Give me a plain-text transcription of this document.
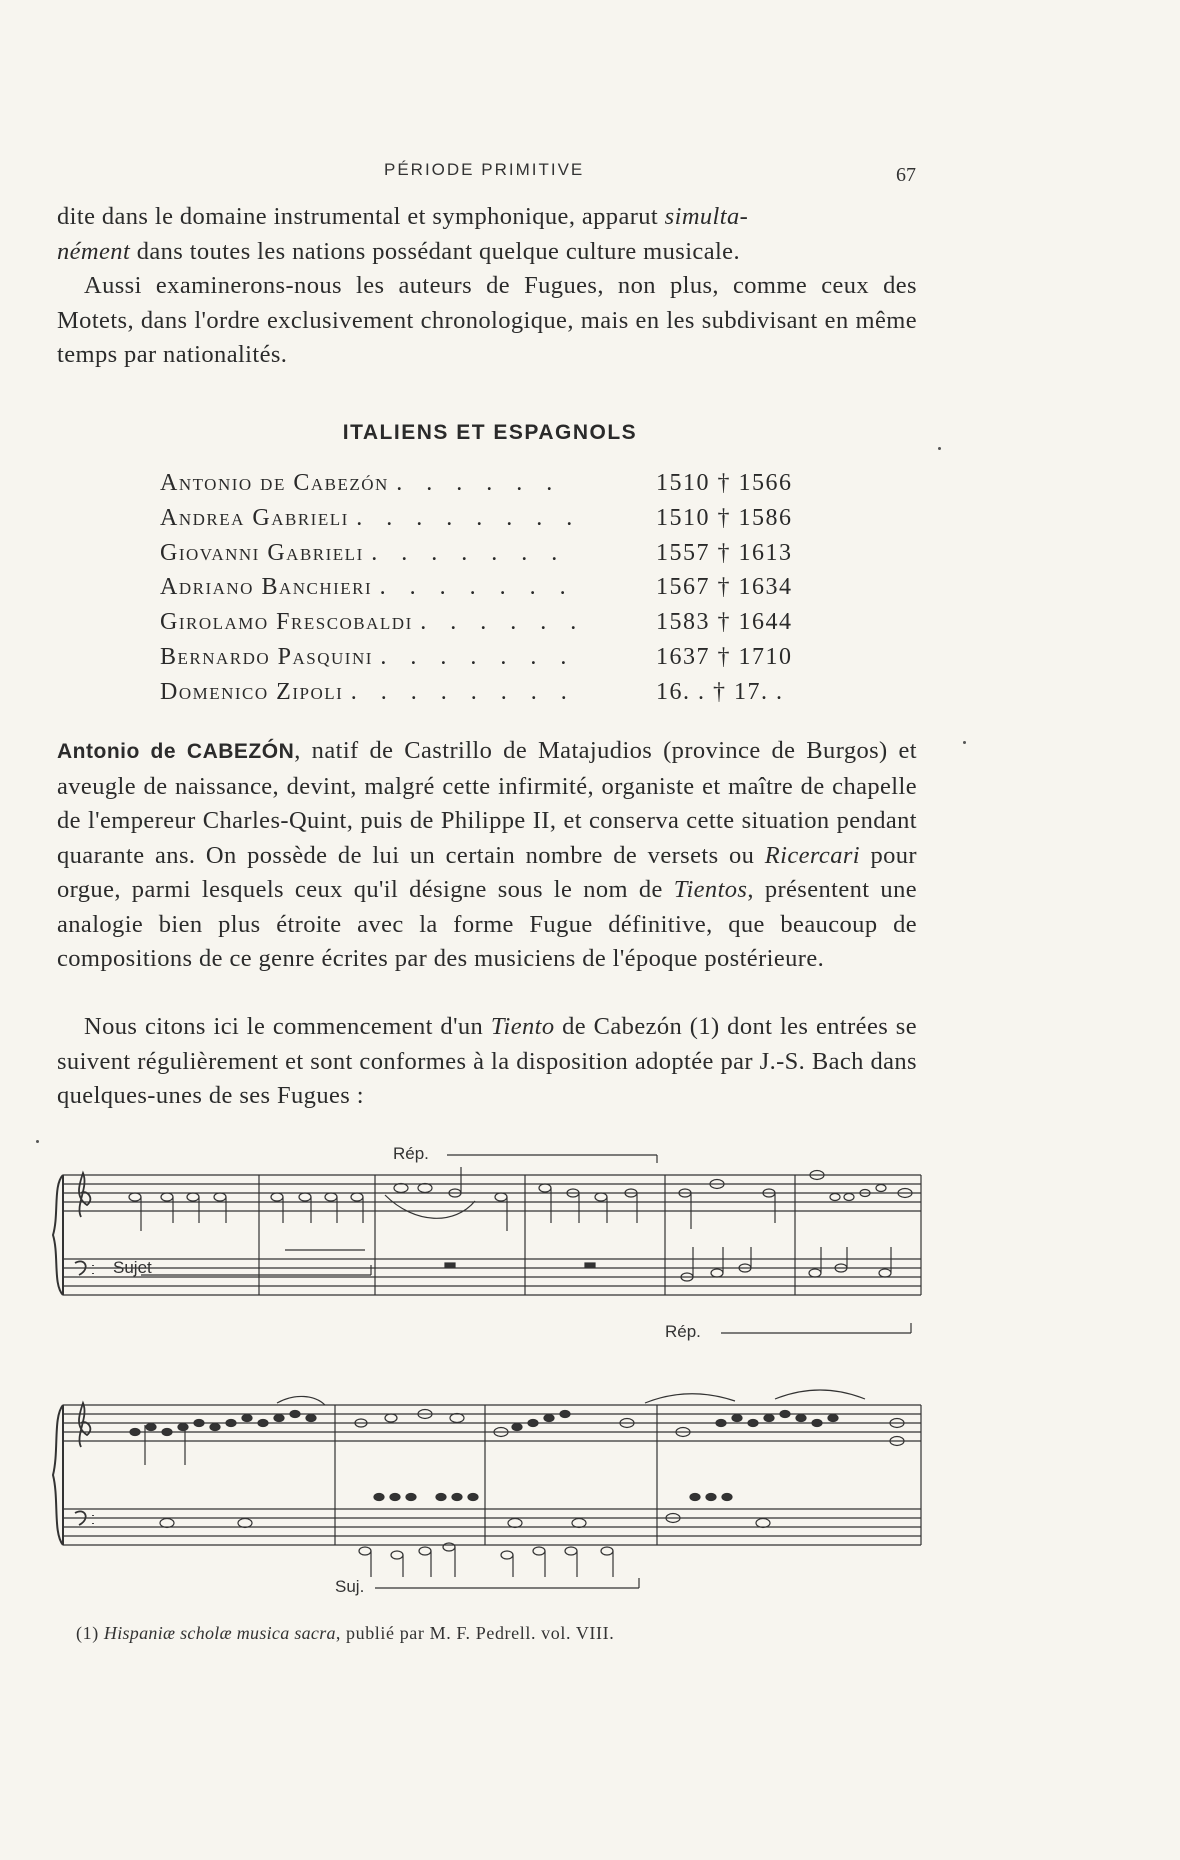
PÉRIODE PRIMITIVE	67

dite dans le domaine instrumental et symphonique, apparut simulta-
nément dans toutes les nations possédant quelque culture musicale.

Aussi examinerons-nous les auteurs de Fugues, non plus, comme ceux des Motets, dans l'ordre exclusivement chronologique, mais en les subdivisant en même temps par nationalités.

ITALIENS ET ESPAGNOLS
Antonio de Cabezón . . . . . .	1510 † 1566
Andrea Gabrieli . . . . . . . .	1510 † 1586
Giovanni Gabrieli . . . . . . .	1557 † 1613
Adriano Banchieri . . . . . . .	1567 † 1634
Girolamo Frescobaldi . . . . . .	1583 † 1644
Bernardo Pasquini . . . . . . .	1637 † 1710
Domenico Zipoli . . . . . . . .	16. . † 17. .

Antonio de CABEZÓN, natif de Castrillo de Matajudios (province de Burgos) et aveugle de naissance, devint, malgré cette infirmité, organiste et maître de chapelle de l'empereur Charles-Quint, puis de Philippe II, et conserva cette situation pendant quarante ans. On possède de lui un certain nombre de versets ou Ricercari pour orgue, parmi lesquels ceux qu'il désigne sous le nom de Tientos, présentent une analogie bien plus étroite avec la forme Fugue définitive, que beaucoup de compositions de ce genre écrites par des musiciens de l'époque postérieure.

Nous citons ici le commencement d'un Tiento de Cabezón (1) dont les entrées se suivent régulièrement et sont conformes à la disposition adoptée par J.-S. Bach dans quelques-unes de ses Fugues :

Rép.
Sujet
Rép.
Suj.
(1) Hispaniæ scholæ musica sacra, publié par M. F. Pedrell. vol. VIII.
